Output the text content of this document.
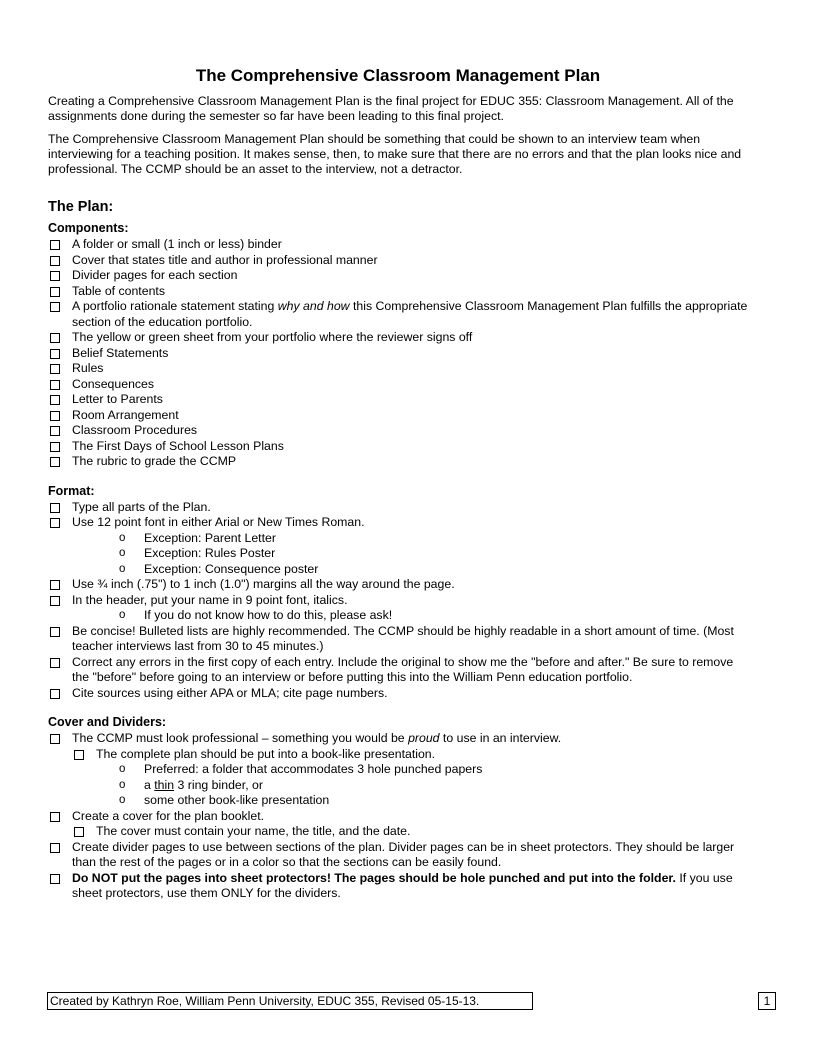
The Comprehensive Classroom Management Plan

Creating a Comprehensive Classroom Management Plan is the final project for EDUC 355: Classroom Management. All of the assignments done during the semester so far have been leading to this final project.

The Comprehensive Classroom Management Plan should be something that could be shown to an interview team when interviewing for a teaching position. It makes sense, then, to make sure that there are no errors and that the plan looks nice and professional. The CCMP should be an asset to the interview, not a detractor.

The Plan:
Components:
A folder or small (1 inch or less) binder
Cover that states title and author in professional manner
Divider pages for each section
Table of contents
A portfolio rationale statement stating why and how this Comprehensive Classroom Management Plan fulfills the appropriate section of the education portfolio.
The yellow or green sheet from your portfolio where the reviewer signs off
Belief Statements
Rules
Consequences
Letter to Parents
Room Arrangement
Classroom Procedures
The First Days of School Lesson Plans
The rubric to grade the CCMP
Format:
Type all parts of the Plan.
Use 12 point font in either Arial or New Times Roman.
o Exception: Parent Letter
o Exception: Rules Poster
o Exception: Consequence poster
Use ¾ inch (.75") to 1 inch (1.0") margins all the way around the page.
In the header, put your name in 9 point font, italics.
o If you do not know how to do this, please ask!
Be concise! Bulleted lists are highly recommended. The CCMP should be highly readable in a short amount of time. (Most teacher interviews last from 30 to 45 minutes.)
Correct any errors in the first copy of each entry. Include the original to show me the "before and after." Be sure to remove the "before" before going to an interview or before putting this into the William Penn education portfolio.
Cite sources using either APA or MLA; cite page numbers.
Cover and Dividers:
The CCMP must look professional – something you would be proud to use in an interview.
The complete plan should be put into a book-like presentation.
o Preferred: a folder that accommodates 3 hole punched papers
o a thin 3 ring binder, or
o some other book-like presentation
Create a cover for the plan booklet.
The cover must contain your name, the title, and the date.
Create divider pages to use between sections of the plan. Divider pages can be in sheet protectors. They should be larger than the rest of the pages or in a color so that the sections can be easily found.
Do NOT put the pages into sheet protectors! The pages should be hole punched and put into the folder. If you use sheet protectors, use them ONLY for the dividers.
Created by Kathryn Roe, William Penn University, EDUC 355, Revised 05-15-13.	1
